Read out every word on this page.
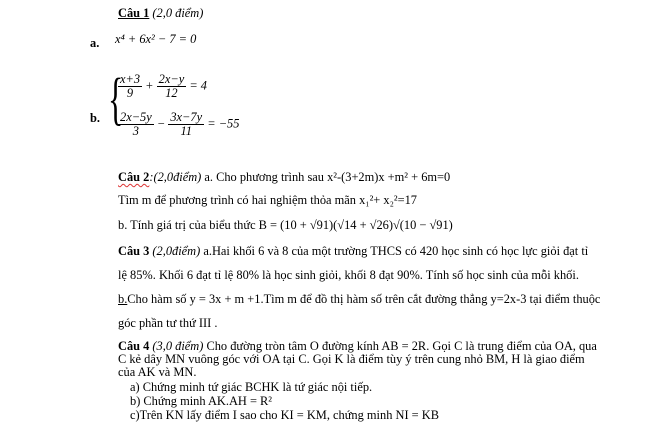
Câu 1 (2,0 điểm)
a. x⁴ + 6x² − 7 = 0
b. {
$\frac{x+3}{9} + \frac{2x-y}{12} = 4$
$\frac{2x-5y}{3} - \frac{3x-7y}{11} = -55$
Câu 2:(2,0điểm) a. Cho phương trình sau x²-(3+2m)x +m² + 6m=0
Tìm m để phương trình có hai nghiệm thỏa mãn x₁²+ x₂²=17
b. Tính giá trị của biểu thức B = (10 + √91)(√14 + √26)√(10 − √91)
Câu 3 (2,0điểm) a.Hai khối 6 và 8 của một trường THCS có 420 học sinh có học lực giỏi đạt tỉ
lệ 85%. Khối 6 đạt tỉ lệ 80% là học sinh giỏi, khối 8 đạt 90%. Tính số học sinh của mỗi khối.
b.Cho hàm số y = 3x + m +1.Tìm m để đồ thị hàm số trên cắt đường thẳng y=2x-3 tại điểm thuộc
góc phần tư thứ III .
Câu 4 (3,0 điểm) Cho đường tròn tâm O đường kính AB = 2R. Gọi C là trung điểm của OA, qua
C kẻ dây MN vuông góc với OA tại C. Gọi K là điểm tùy ý trên cung nhỏ BM, H là giao điểm
của AK và MN.
a) Chứng minh tứ giác BCHK là tứ giác nội tiếp.
b) Chứng minh AK.AH = R²
c)Trên KN lấy điểm I sao cho KI = KM, chứng minh NI = KB
